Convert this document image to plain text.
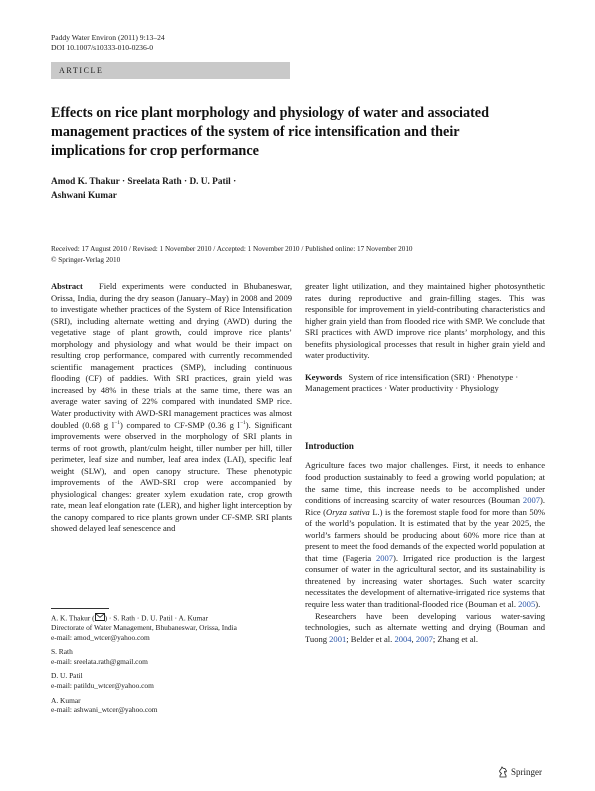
Paddy Water Environ (2011) 9:13–24
DOI 10.1007/s10333-010-0236-0
ARTICLE
Effects on rice plant morphology and physiology of water and associated management practices of the system of rice intensification and their implications for crop performance
Amod K. Thakur · Sreelata Rath · D. U. Patil ·
Ashwani Kumar
Received: 17 August 2010 / Revised: 1 November 2010 / Accepted: 1 November 2010 / Published online: 17 November 2010
© Springer-Verlag 2010

Abstract Field experiments were conducted in Bhubaneswar, Orissa, India, during the dry season (January–May) in 2008 and 2009 to investigate whether practices of the System of Rice Intensification (SRI), including alternate wetting and drying (AWD) during the vegetative stage of plant growth, could improve rice plants’ morphology and physiology and what would be their impact on resulting crop performance, compared with currently recommended scientific management practices (SMP), including continuous flooding (CF) of paddies. With SRI practices, grain yield was increased by 48% in these trials at the same time, there was an average water saving of 22% compared with inundated SMP rice. Water productivity with AWD-SRI management practices was almost doubled (0.68 g $l^{-1}$) compared to CF-SMP (0.36 g $l^{-1}$). Significant improvements were observed in the morphology of SRI plants in terms of root growth, plant/culm height, tiller number per hill, tiller perimeter, leaf size and number, leaf area index (LAI), specific leaf weight (SLW), and open canopy structure. These phenotypic improvements of the AWD-SRI crop were accompanied by physiological changes: greater xylem exudation rate, crop growth rate, mean leaf elongation rate (LER), and higher light interception by the canopy compared to rice plants grown under CF-SMP. SRI plants showed delayed leaf senescence and

A. K. Thakur ( ) · S. Rath · D. U. Patil · A. Kumar
Directorate of Water Management, Bhubaneswar, Orissa, India
e-mail: amod_wtcer@yahoo.com
S. Rath
e-mail: sreelata.rath@gmail.com
D. U. Patil
e-mail: patildu_wtcer@yahoo.com
A. Kumar
e-mail: ashwani_wtcer@yahoo.com

greater light utilization, and they maintained higher photosynthetic rates during reproductive and grain-filling stages. This was responsible for improvement in yield-contributing characteristics and higher grain yield than from flooded rice with SMP. We conclude that SRI practices with AWD improve rice plants’ morphology, and this benefits physiological processes that result in higher grain yield and water productivity.

Keywords System of rice intensification (SRI) · Phenotype · Management practices · Water productivity · Physiology

Introduction

Agriculture faces two major challenges. First, it needs to enhance food production sustainably to feed a growing world population; at the same time, this increase needs to be accomplished under conditions of increasing scarcity of water resources (Bouman 2007). Rice (Oryza sativa L.) is the foremost staple food for more than 50% of the world’s population. It is estimated that by the year 2025, the world’s farmers should be producing about 60% more rice than at present to meet the food demands of the expected world population at that time (Fageria 2007). Irrigated rice production is the largest consumer of water in the agricultural sector, and its sustainability is threatened by increasing water shortages. Such water scarcity necessitates the development of alternative-irrigated rice systems that require less water than traditional-flooded rice (Bouman et al. 2005).

Researchers have been developing various water-saving technologies, such as alternate wetting and drying (Bouman and Tuong 2001; Belder et al. 2004, 2007; Zhang et al.

Springer
